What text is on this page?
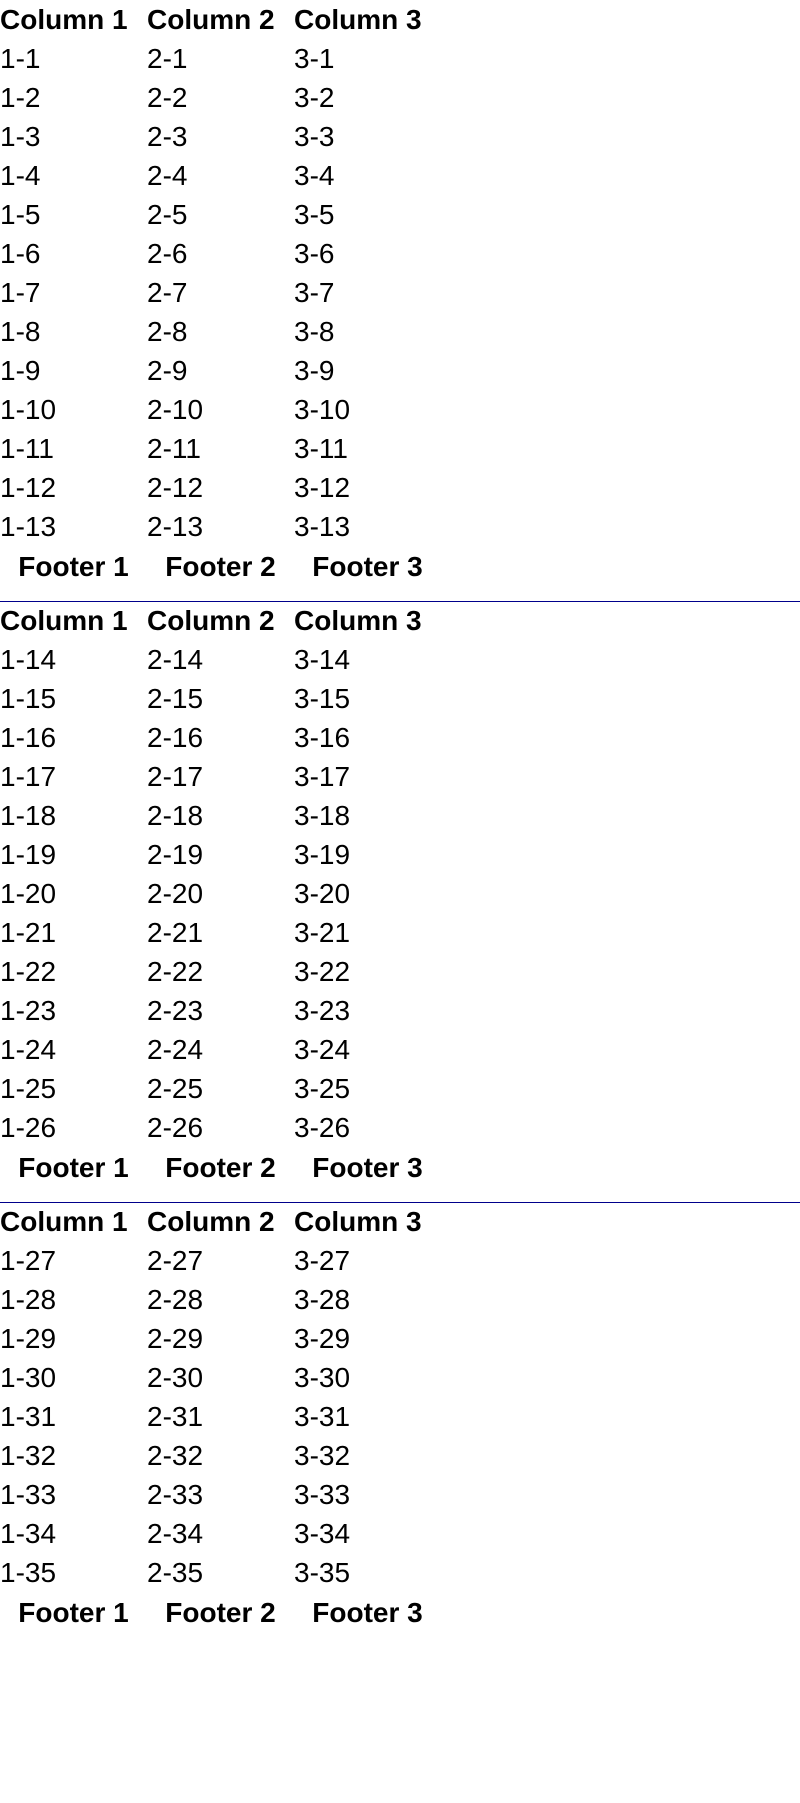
Column 1	Column 2	Column 3
1-1	2-1	3-1
1-2	2-2	3-2
1-3	2-3	3-3
1-4	2-4	3-4
1-5	2-5	3-5
1-6	2-6	3-6
1-7	2-7	3-7
1-8	2-8	3-8
1-9	2-9	3-9
1-10	2-10	3-10
1-11	2-11	3-11
1-12	2-12	3-12
1-13	2-13	3-13
Footer 1	Footer 2	Footer 3
Column 1	Column 2	Column 3
1-14	2-14	3-14
1-15	2-15	3-15
1-16	2-16	3-16
1-17	2-17	3-17
1-18	2-18	3-18
1-19	2-19	3-19
1-20	2-20	3-20
1-21	2-21	3-21
1-22	2-22	3-22
1-23	2-23	3-23
1-24	2-24	3-24
1-25	2-25	3-25
1-26	2-26	3-26
Footer 1	Footer 2	Footer 3
Column 1	Column 2	Column 3
1-27	2-27	3-27
1-28	2-28	3-28
1-29	2-29	3-29
1-30	2-30	3-30
1-31	2-31	3-31
1-32	2-32	3-32
1-33	2-33	3-33
1-34	2-34	3-34
1-35	2-35	3-35
Footer 1	Footer 2	Footer 3
